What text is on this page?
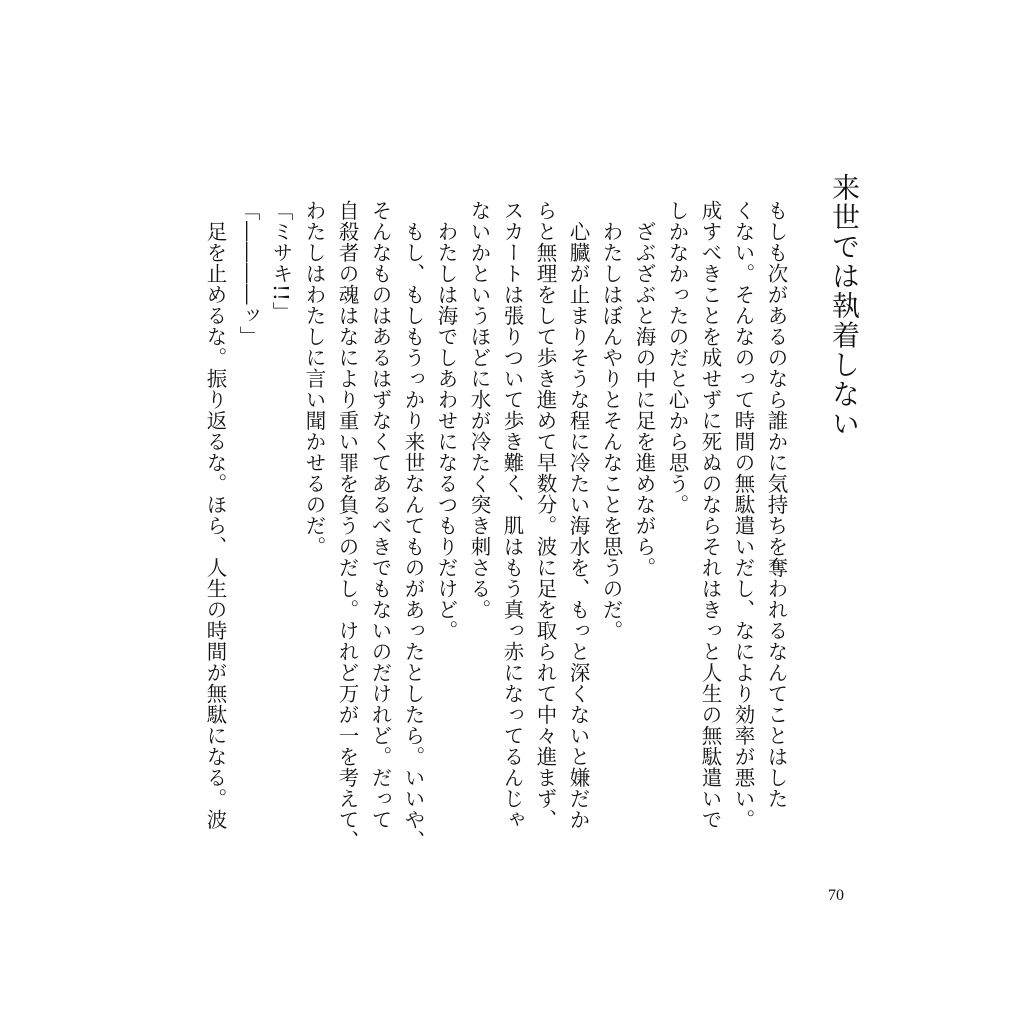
来世では執着しない
もしも次があるのなら誰かに気持ちを奪われるなんてことはした
くない。そんなのって時間の無駄遣いだし、なにより効率が悪い。
成すべきことを成せずに死ぬのならそれはきっと人生の無駄遣いで
しかなかったのだと心から思う。
　ざぶざぶと海の中に足を進めながら。
　わたしはぼんやりとそんなことを思うのだ。
　心臓が止まりそうな程に冷たい海水を、もっと深くないと嫌だか
らと無理をして歩き進めて早数分。波に足を取られて中々進まず、
スカートは張りついて歩き難く、肌はもう真っ赤になってるんじゃ
ないかというほどに水が冷たく突き刺さる。
　わたしは海でしあわせになるつもりだけど。
　もし、もしもうっかり来世なんてものがあったとしたら。いいや、
そんなものはあるはずなくてあるべきでもないのだけれど。だって
自殺者の魂はなにより重い罪を負うのだし。けれど万が一を考えて、
わたしはわたしに言い聞かせるのだ。
「ミサキ!!」
「――――ッ」
　足を止めるな。振り返るな。ほら、人生の時間が無駄になる。波
70
